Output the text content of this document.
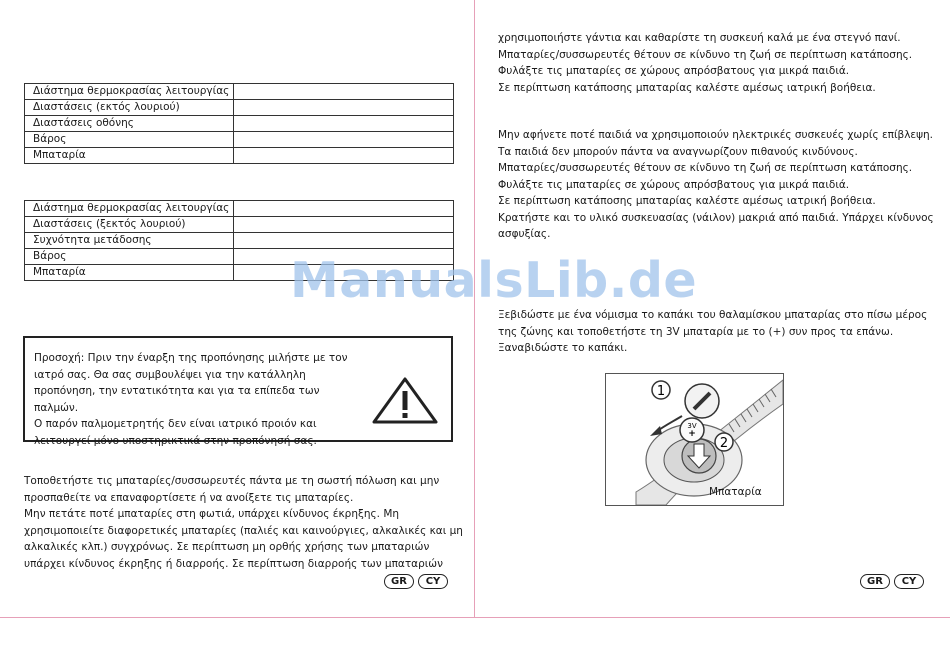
Διάστημα θερμοκρασίας λειτουργίας	
Διαστάσεις (εκτός λουριού)	
Διαστάσεις οθόνης	
Βάρος	
Μπαταρία	
Διάστημα θερμοκρασίας λειτουργίας	
Διαστάσεις (ξεκτός λουριού)	
Συχνότητα μετάδοσης	
Βάρος	
Μπαταρία	
Προσοχή: Πριν την έναρξη της προπόνησης μιλήστε με τον
ιατρό σας. Θα σας συμβουλέψει για την κατάλληλη
προπόνηση, την εντατικότητα και για τα επίπεδα των παλμών.
Ο παρόν παλμομετρητής δεν είναι ιατρικό προιόν και
λειτουργεί μόνο υποστηρικτικά στην προπόνησή σας.

Τοποθετήστε τις μπαταρίες/συσσωρευτές πάντα με τη σωστή πόλωση και μην

προσπαθείτε να επαναφορτίσετε ή να ανοίξετε τις μπαταρίες.

Μην πετάτε ποτέ μπαταρίες στη φωτιά, υπάρχει κίνδυνος έκρηξης. Μη

χρησιμοποιείτε διαφορετικές μπαταρίες (παλιές και καινούργιες, αλκαλικές και μη

αλκαλικές κλπ.) συγχρόνως. Σε περίπτωση μη ορθής χρήσης των μπαταριών

υπάρχει κίνδυνος έκρηξης ή διαρροής. Σε περίπτωση διαρροής των μπαταριών

GR	CY

χρησιμοποιήστε γάντια και καθαρίστε τη συσκευή καλά με ένα στεγνό πανί.

Μπαταρίες/συσσωρευτές θέτουν σε κίνδυνο τη ζωή σε περίπτωση κατάποσης.

Φυλάξτε τις μπαταρίες σε χώρους απρόσβατους για μικρά παιδιά.

Σε περίπτωση κατάποσης μπαταρίας καλέστε αμέσως ιατρική βοήθεια.

Μην αφήνετε ποτέ παιδιά να χρησιμοποιούν ηλεκτρικές συσκευές χωρίς επίβλεψη.

Τα παιδιά δεν μπορούν πάντα να αναγνωρίζουν πιθανούς κινδύνους.

Μπαταρίες/συσσωρευτές θέτουν σε κίνδυνο τη ζωή σε περίπτωση κατάποσης.

Φυλάξτε τις μπαταρίες σε χώρους απρόσβατους για μικρά παιδιά.

Σε περίπτωση κατάποσης μπαταρίας καλέστε αμέσως ιατρική βοήθεια.

Κρατήστε και το υλικό συσκευασίας (νάιλον) μακριά από παιδιά. Υπάρχει κίνδυνος

ασφυξίας.

Ξεβιδώστε με ένα νόμισμα το καπάκι του θαλαμίσκου μπαταρίας στο πίσω μέρος

της ζώνης και τοποθετήστε τη 3V μπαταρία με το (+) συν προς τα επάνω.

Ξαναβιδώστε το καπάκι.

3V
+
1
2
Μπαταρία
GR	CY
ManualsLib.de
